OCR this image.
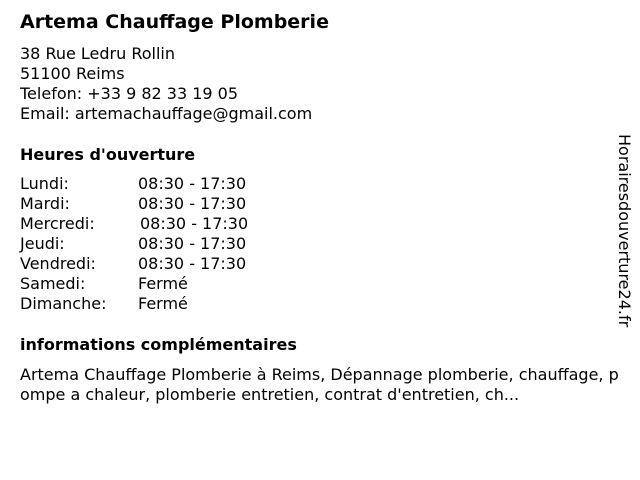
Artema Chauffage Plomberie
38 Rue Ledru Rollin
51100 Reims
Telefon: +33 9 82 33 19 05
Email: artemachauffage@gmail.com
Heures d'ouverture
Lundi:	08:30 - 17:30
Mardi:	08:30 - 17:30
Mercredi:	08:30 - 17:30
Jeudi:	08:30 - 17:30
Vendredi:	08:30 - 17:30
Samedi:	Fermé
Dimanche: Fermé
informations complémentaires
Artema Chauffage Plomberie à Reims, Dépannage plomberie, chauffage, pompe a chaleur, plomberie entretien, contrat d'entretien, ch...
Horairesdouverture24.fr
